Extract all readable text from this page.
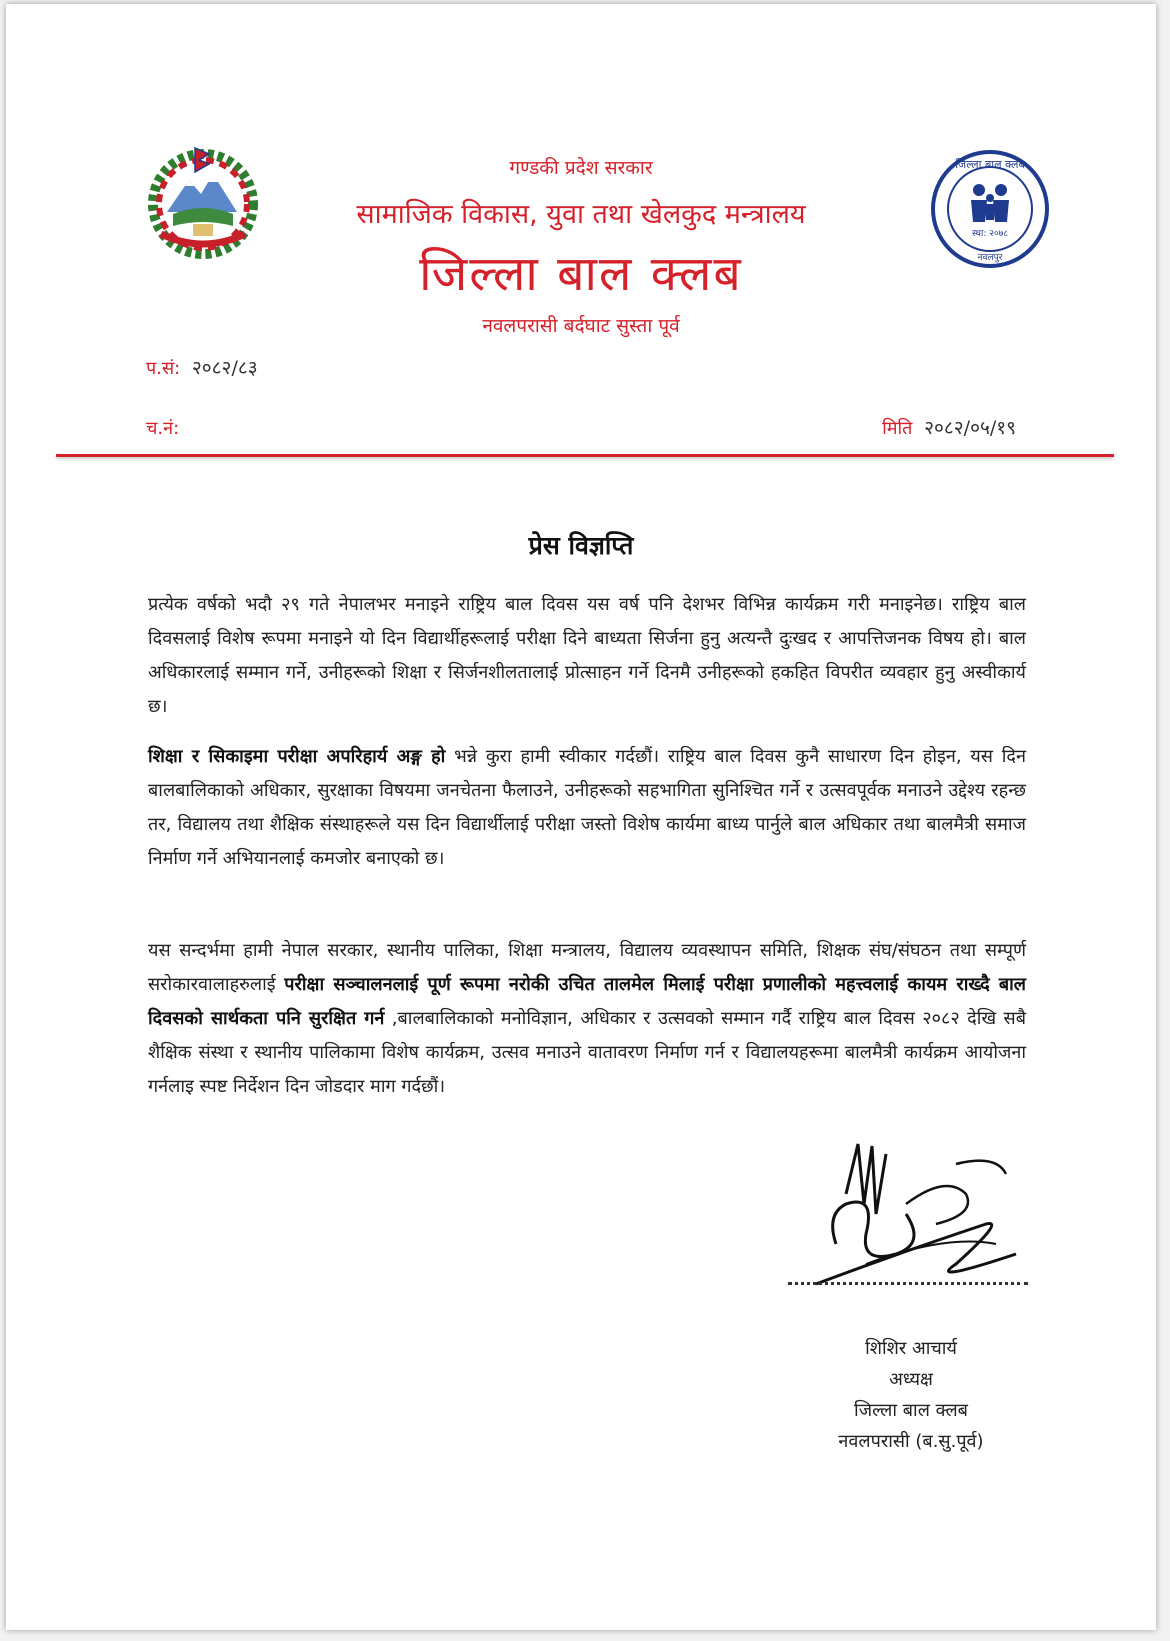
जिल्ला बाल क्लब
स्था: २०७८
नवलपुर
गण्डकी प्रदेश सरकार
सामाजिक विकास, युवा तथा खेलकुद मन्त्रालय
जिल्ला बाल क्लब
नवलपरासी बर्दघाट सुस्ता पूर्व
प.सं: २०८२/८३
च.नं:	मिति २०८२/०५/१९
प्रेस विज्ञप्ति
प्रत्येक वर्षको भदौ २९ गते नेपालभर मनाइने राष्ट्रिय बाल दिवस यस वर्ष पनि देशभर विभिन्न कार्यक्रम गरी मनाइनेछ। राष्ट्रिय बाल दिवसलाई विशेष रूपमा मनाइने यो दिन विद्यार्थीहरूलाई परीक्षा दिने बाध्यता सिर्जना हुनु अत्यन्तै दुःखद र आपत्तिजनक विषय हो। बाल अधिकारलाई सम्मान गर्ने, उनीहरूको शिक्षा र सिर्जनशीलतालाई प्रोत्साहन गर्ने दिनमै उनीहरूको हकहित विपरीत व्यवहार हुनु अस्वीकार्य छ।
शिक्षा र सिकाइमा परीक्षा अपरिहार्य अङ्ग हो भन्ने कुरा हामी स्वीकार गर्दछौं। राष्ट्रिय बाल दिवस कुनै साधारण दिन होइन, यस दिन बालबालिकाको अधिकार, सुरक्षाका विषयमा जनचेतना फैलाउने, उनीहरूको सहभागिता सुनिश्चित गर्ने र उत्सवपूर्वक मनाउने उद्देश्य रहन्छ तर, विद्यालय तथा शैक्षिक संस्थाहरूले यस दिन विद्यार्थीलाई परीक्षा जस्तो विशेष कार्यमा बाध्य पार्नुले बाल अधिकार तथा बालमैत्री समाज निर्माण गर्ने अभियानलाई कमजोर बनाएको छ।
यस सन्दर्भमा हामी नेपाल सरकार, स्थानीय पालिका, शिक्षा मन्त्रालय, विद्यालय व्यवस्थापन समिति, शिक्षक संघ/संघठन तथा सम्पूर्ण सरोकारवालाहरुलाई परीक्षा सञ्चालनलाई पूर्ण रूपमा नरोकी उचित तालमेल मिलाई परीक्षा प्रणालीको महत्त्वलाई कायम राख्दै बाल दिवसको सार्थकता पनि सुरक्षित गर्न ,बालबालिकाको मनोविज्ञान, अधिकार र उत्सवको सम्मान गर्दै राष्ट्रिय बाल दिवस २०८२ देखि सबै शैक्षिक संस्था र स्थानीय पालिकामा विशेष कार्यक्रम, उत्सव मनाउने वातावरण निर्माण गर्न र विद्यालयहरूमा बालमैत्री कार्यक्रम आयोजना गर्नलाइ स्पष्ट निर्देशन दिन जोडदार माग गर्दछौं।
शिशिर आचार्य
अध्यक्ष
जिल्ला बाल क्लब
नवलपरासी (ब.सु.पूर्व)
